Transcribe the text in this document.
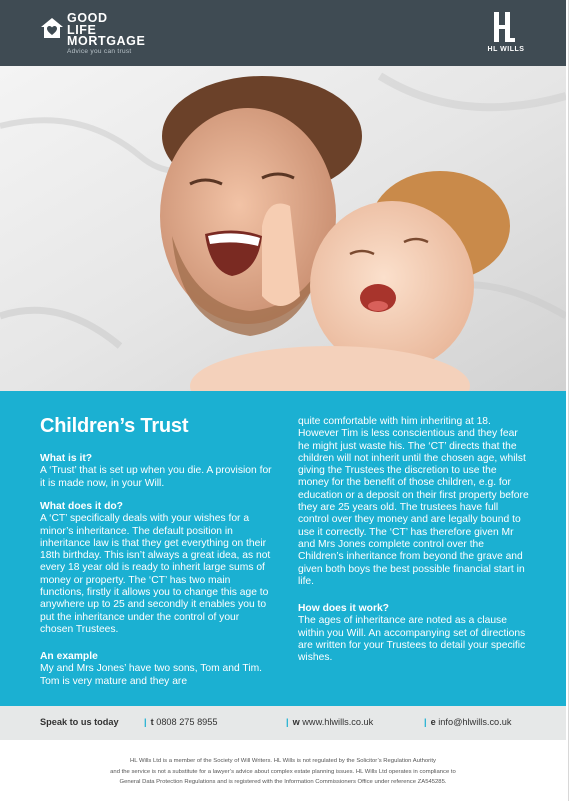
GOOD
LIFE
MORTGAGE
Advice you can trust	HL WILLS
Children’s Trust

What is it?

A ‘Trust’ that is set up when you die. A provision for it is made now, in your Will.

What does it do?

A ‘CT’ specifically deals with your wishes for a minor’s inheritance. The default position in inheritance law is that they get everything on their 18th birthday. This isn’t always a great idea, as not every 18 year old is ready to inherit large sums of money or property. The ‘CT’ has two main functions, firstly it allows you to change this age to anywhere up to 25 and secondly it enables you to put the inheritance under the control of your chosen Trustees.

An example

My and Mrs Jones’ have two sons, Tom and Tim. Tom is very mature and they are

quite comfortable with him inheriting at 18. However Tim is less conscientious and they fear he might just waste his. The ‘CT’ directs that the children will not inherit until the chosen age, whilst giving the Trustees the discretion to use the money for the benefit of those children, e.g. for education or a deposit on their first property before they are 25 years old. The trustees have full control over they money and are legally bound to use it correctly. The ‘CT’ has therefore given Mr and Mrs Jones complete control over the Children’s inheritance from beyond the grave and given both boys the best possible financial start in life.

How does it work?

The ages of inheritance are noted as a clause within you Will. An accompanying set of directions are written for your Trustees to detail your specific wishes.

Speak to us today	| t 0808 275 8955	| w www.hlwills.co.uk	| e info@hlwills.co.uk
HL Wills Ltd is a member of the Society of Will Writers. HL Wills is not regulated by the Solicitor’s Regulation Authority
and the service is not a substitute for a lawyer’s advice about complex estate planning issues. HL Wills Ltd operates in compliance to
General Data Protection Regulations and is registered with the Information Commissioners Office under reference ZA545285.
